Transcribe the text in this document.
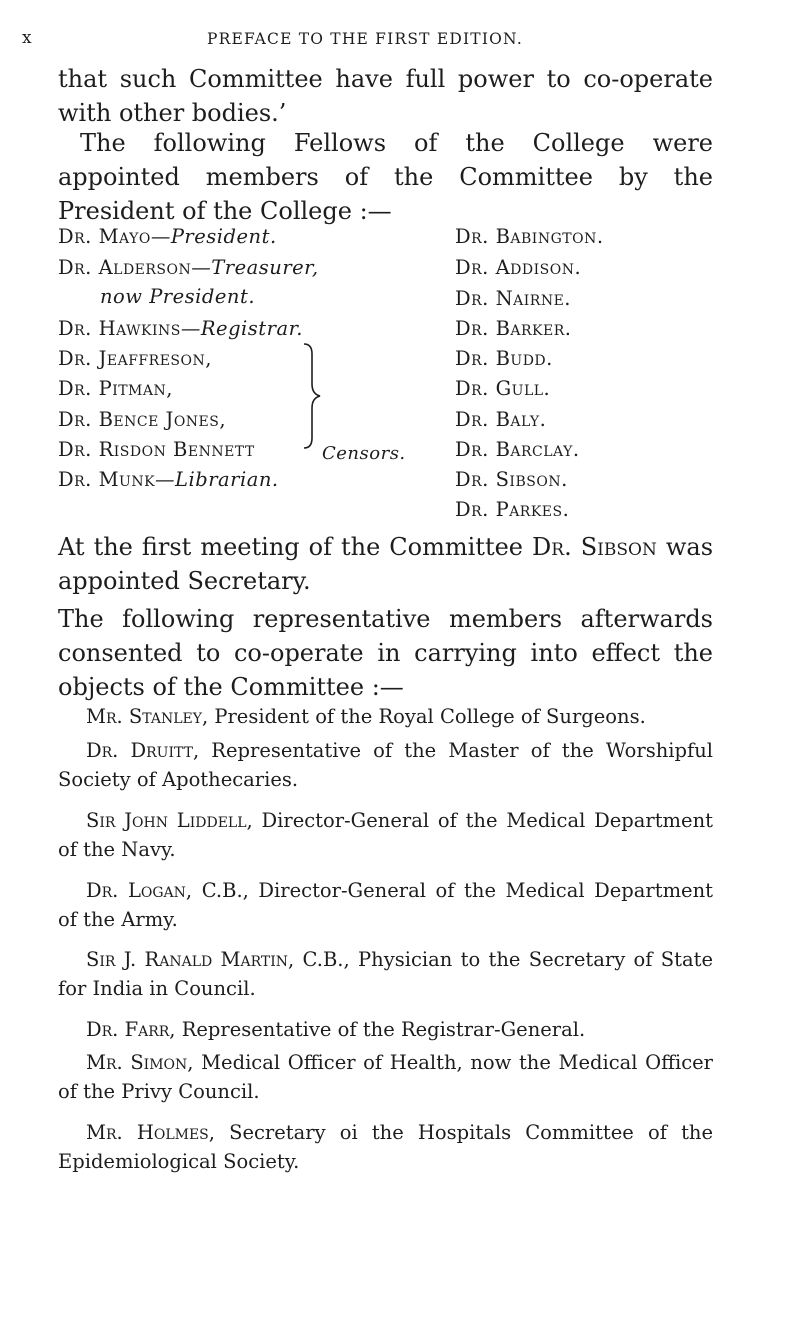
x	PREFACE TO THE FIRST EDITION.

that such Committee have full power to co-operate with other bodies.’

The following Fellows of the College were appointed members of the Committee by the President of the College :—

Dr. Mayo—President.
Dr. Alderson—Treasurer,
now President.
Dr. Hawkins—Registrar.
Dr. Jeaffreson,
Dr. Pitman,
Dr. Bence Jones,
Dr. Risdon Bennett
Dr. Munk—Librarian.
Censors.
Dr. Babington.
Dr. Addison.
Dr. Nairne.
Dr. Barker.
Dr. Budd.
Dr. Gull.
Dr. Baly.
Dr. Barclay.
Dr. Sibson.
Dr. Parkes.

At the first meeting of the Committee Dr. Sibson was appointed Secretary.

The following representative members afterwards consented to co-operate in carrying into effect the objects of the Committee :—

Mr. Stanley, President of the Royal College of Surgeons.

Dr. Druitt, Representative of the Master of the Worshipful Society of Apothecaries.

Sir John Liddell, Director-General of the Medical Department of the Navy.

Dr. Logan, C.B., Director-General of the Medical Department of the Army.

Sir J. Ranald Martin, C.B., Physician to the Secretary of State for India in Council.

Dr. Farr, Representative of the Registrar-General.

Mr. Simon, Medical Officer of Health, now the Medical Officer of the Privy Council.

Mr. Holmes, Secretary oi the Hospitals Committee of the Epidemiological Society.
